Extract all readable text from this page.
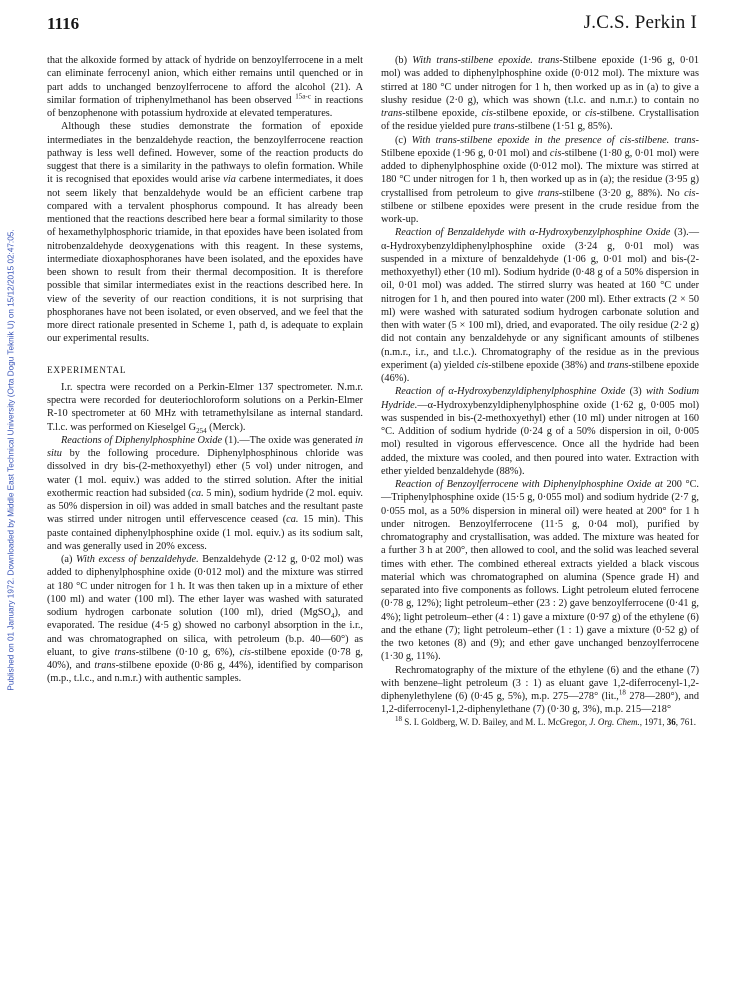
1116	J.C.S. Perkin I
Published on 01 January 1972. Downloaded by Middle East Technical University (Orta Dogu Teknik U) on 15/12/2015 02:47:05.

that the alkoxide formed by attack of hydride on benzoylferrocene in a melt can eliminate ferrocenyl anion, which either remains until quenched or in part adds to unchanged benzoylferrocene to afford the alcohol (21). A similar formation of triphenylmethanol has been observed $^{15a-c}$ in reactions of benzophenone with potassium hydroxide at elevated temperatures.

Although these studies demonstrate the formation of epoxide intermediates in the benzaldehyde reaction, the benzoylferrocene reaction pathway is less well defined. However, some of the reaction products do suggest that there is a similarity in the pathways to olefin formation. While it is recognised that epoxides would arise via carbene intermediates, it does not seem likely that benzaldehyde would be an efficient carbene trap compared with a tervalent phosphorus compound. It has already been mentioned that the reactions described here bear a formal similarity to those of hexamethylphosphoric triamide, in that epoxides have been isolated from nitrobenzaldehyde deoxygenations with this reagent. In these systems, intermediate dioxaphosphoranes have been isolated, and the epoxides have been shown to result from their thermal decomposition. It is therefore possible that similar intermediates exist in the reactions described here. In view of the severity of our reaction conditions, it is not surprising that phosphoranes have not been isolated, or even observed, and we feel that the more direct rationale presented in Scheme 1, path d, is adequate to explain our experimental results.

EXPERIMENTAL

I.r. spectra were recorded on a Perkin-Elmer 137 spectrometer. N.m.r. spectra were recorded for deuteriochloroform solutions on a Perkin-Elmer R-10 spectrometer at 60 MHz with tetramethylsilane as internal standard. T.l.c. was performed on Kieselgel $G_{254}$ (Merck).

Reactions of Diphenylphosphine Oxide (1).—The oxide was generated in situ by the following procedure. Diphenylphosphinous chloride was dissolved in dry bis-(2-methoxyethyl) ether (5 vol) under nitrogen, and water (1 mol. equiv.) was added to the stirred solution. After the initial exothermic reaction had subsided (ca. 5 min), sodium hydride (2 mol. equiv. as 50% dispersion in oil) was added in small batches and the resultant paste was stirred under nitrogen until effervescence ceased (ca. 15 min). This paste contained diphenylphosphine oxide (1 mol. equiv.) as its sodium salt, and was generally used in 20% excess.

(a) With excess of benzaldehyde. Benzaldehyde (2·12 g, 0·02 mol) was added to diphenylphosphine oxide (0·012 mol) and the mixture was stirred at 180 °C under nitrogen for 1 h. It was then taken up in a mixture of ether (100 ml) and water (100 ml). The ether layer was washed with saturated sodium hydrogen carbonate solution (100 ml), dried (MgSO$_4$), and evaporated. The residue (4·5 g) showed no carbonyl absorption in the i.r., and was chromatographed on silica, with petroleum (b.p. 40—60°) as eluant, to give trans-stilbene (0·10 g, 6%), cis-stilbene epoxide (0·78 g, 40%), and trans-stilbene epoxide (0·86 g, 44%), identified by comparison (m.p., t.l.c., and n.m.r.) with authentic samples.

(b) With trans-stilbene epoxide. trans-Stilbene epoxide (1·96 g, 0·01 mol) was added to diphenylphosphine oxide (0·012 mol). The mixture was stirred at 180 °C under nitrogen for 1 h, then worked up as in (a) to give a slushy residue (2·0 g), which was shown (t.l.c. and n.m.r.) to contain no trans-stilbene epoxide, cis-stilbene epoxide, or cis-stilbene. Crystallisation of the residue yielded pure trans-stilbene (1·51 g, 85%).

(c) With trans-stilbene epoxide in the presence of cis-stilbene. trans-Stilbene epoxide (1·96 g, 0·01 mol) and cis-stilbene (1·80 g, 0·01 mol) were added to diphenylphosphine oxide (0·012 mol). The mixture was stirred at 180 °C under nitrogen for 1 h, then worked up as in (a); the residue (3·95 g) crystallised from petroleum to give trans-stilbene (3·20 g, 88%). No cis-stilbene or stilbene epoxides were present in the crude residue from the work-up.

Reaction of Benzaldehyde with α-Hydroxybenzylphosphine Oxide (3).—α-Hydroxybenzyldiphenylphosphine oxide (3·24 g, 0·01 mol) was suspended in a mixture of benzaldehyde (1·06 g, 0·01 mol) and bis-(2-methoxyethyl) ether (10 ml). Sodium hydride (0·48 g of a 50% dispersion in oil, 0·01 mol) was added. The stirred slurry was heated at 160 °C under nitrogen for 1 h, and then poured into water (200 ml). Ether extracts (2 × 50 ml) were washed with saturated sodium hydrogen carbonate solution and then with water (5 × 100 ml), dried, and evaporated. The oily residue (2·2 g) did not contain any benzaldehyde or any significant amounts of stilbenes (n.m.r., i.r., and t.l.c.). Chromatography of the residue as in the previous experiment (a) yielded cis-stilbene epoxide (38%) and trans-stilbene epoxide (46%).

Reaction of α-Hydroxybenzyldiphenylphosphine Oxide (3) with Sodium Hydride.—α-Hydroxybenzyldiphenylphosphine oxide (1·62 g, 0·005 mol) was suspended in bis-(2-methoxyethyl) ether (10 ml) under nitrogen at 160 °C. Addition of sodium hydride (0·24 g of a 50% dispersion in oil, 0·005 mol) resulted in vigorous effervescence. Once all the hydride had been added, the mixture was cooled, and then poured into water. Extraction with ether yielded benzaldehyde (88%).

Reaction of Benzoylferrocene with Diphenylphosphine Oxide at 200 °C.—Triphenylphosphine oxide (15·5 g, 0·055 mol) and sodium hydride (2·7 g, 0·055 mol, as a 50% dispersion in mineral oil) were heated at 200° for 1 h under nitrogen. Benzoylferrocene (11·5 g, 0·04 mol), purified by chromatography and crystallisation, was added. The mixture was heated for a further 3 h at 200°, then allowed to cool, and the solid was leached several times with ether. The combined ethereal extracts yielded a black viscous material which was chromatographed on alumina (Spence grade H) and separated into five components as follows. Light petroleum eluted ferrocene (0·78 g, 12%); light petroleum–ether (23 : 2) gave benzoylferrocene (0·41 g, 4%); light petroleum–ether (4 : 1) gave a mixture (0·97 g) of the ethylene (6) and the ethane (7); light petroleum–ether (1 : 1) gave a mixture (0·52 g) of the two ketones (8) and (9); and ether gave unchanged benzoylferrocene (1·30 g, 11%).

Rechromatography of the mixture of the ethylene (6) and the ethane (7) with benzene–light petroleum (3 : 1) as eluant gave 1,2-diferrocenyl-1,2-diphenylethylene (6) (0·45 g, 5%), m.p. 275—278° (lit.,$^{18}$ 278—280°), and 1,2-diferrocenyl-1,2-diphenylethane (7) (0·30 g, 3%), m.p. 215—218°

$^{18}$ S. I. Goldberg, W. D. Bailey, and M. L. McGregor, J. Org. Chem., 1971, 36, 761.
